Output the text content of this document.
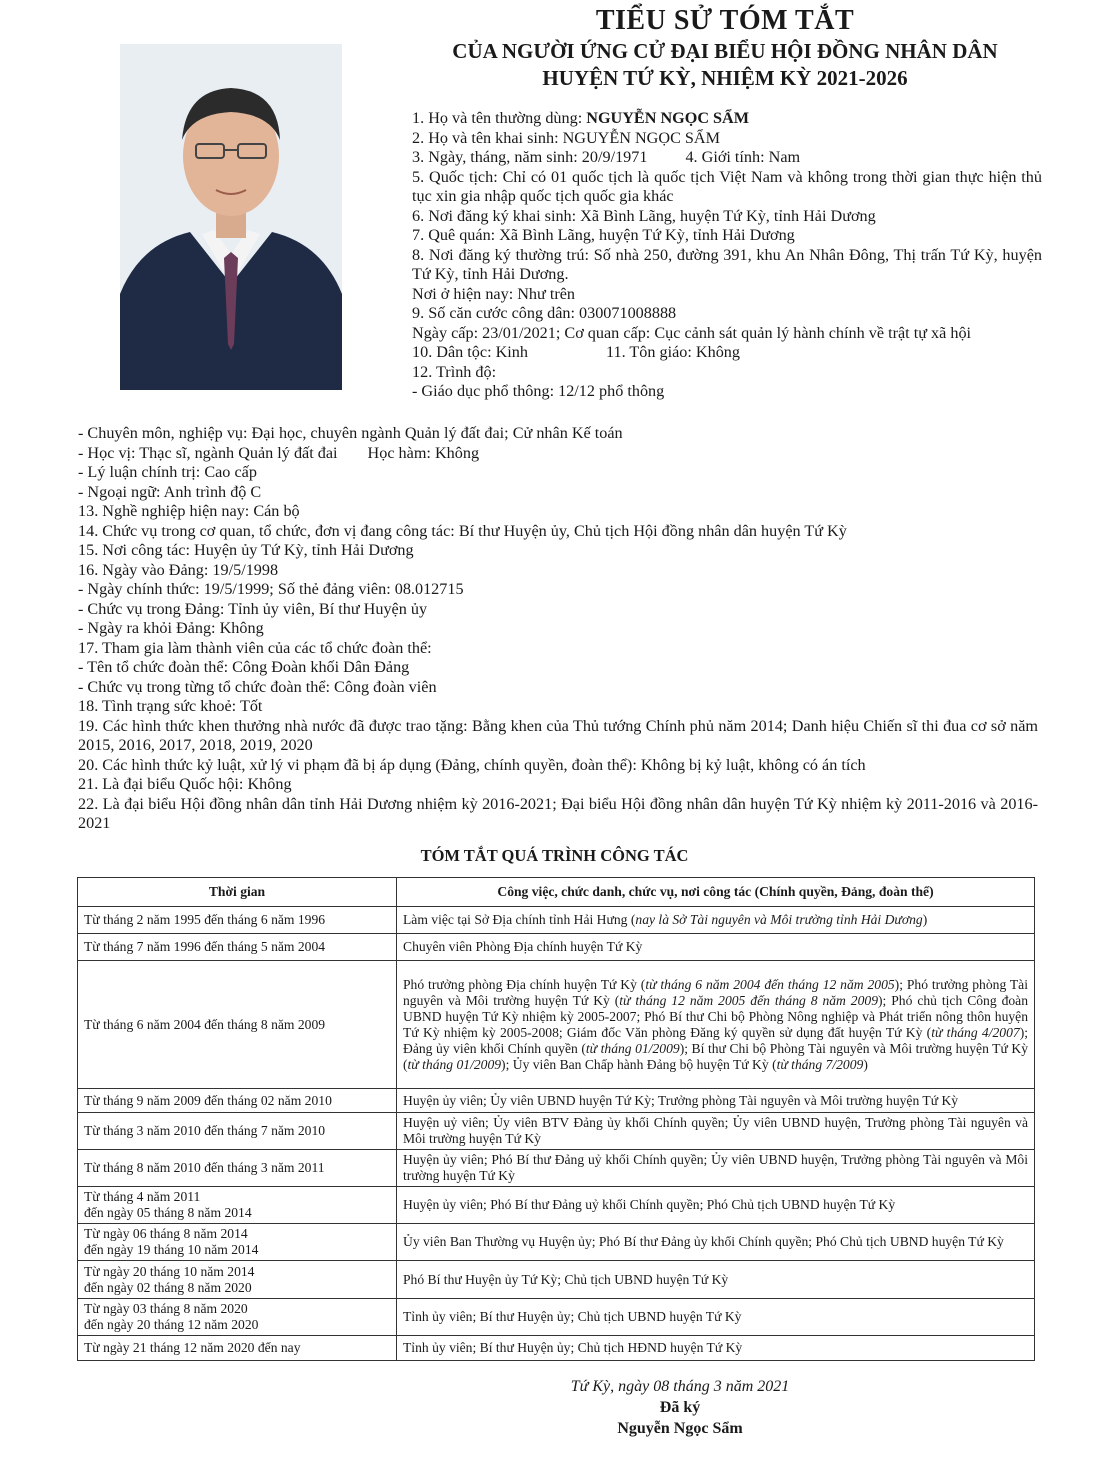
TIỂU SỬ TÓM TẮT
CỦA NGƯỜI ỨNG CỬ ĐẠI BIỂU HỘI ĐỒNG NHÂN DÂN
HUYỆN TỨ KỲ, NHIỆM KỲ 2021-2026
1. Họ và tên thường dùng: NGUYỄN NGỌC SẨM
2. Họ và tên khai sinh: NGUYỄN NGỌC SẨM
3. Ngày, tháng, năm sinh: 20/9/1971 4. Giới tính: Nam
5. Quốc tịch: Chỉ có 01 quốc tịch là quốc tịch Việt Nam và không trong thời gian thực hiện thủ tục xin gia nhập quốc tịch quốc gia khác
6. Nơi đăng ký khai sinh: Xã Bình Lãng, huyện Tứ Kỳ, tỉnh Hải Dương
7. Quê quán: Xã Bình Lãng, huyện Tứ Kỳ, tỉnh Hải Dương
8. Nơi đăng ký thường trú: Số nhà 250, đường 391, khu An Nhân Đông, Thị trấn Tứ Kỳ, huyện Tứ Kỳ, tỉnh Hải Dương.
Nơi ở hiện nay: Như trên
9. Số căn cước công dân: 030071008888
Ngày cấp: 23/01/2021; Cơ quan cấp: Cục cảnh sát quản lý hành chính về trật tự xã hội
10. Dân tộc: Kinh	11. Tôn giáo: Không
12. Trình độ:
- Giáo dục phổ thông: 12/12 phổ thông
- Chuyên môn, nghiệp vụ: Đại học, chuyên ngành Quản lý đất đai; Cử nhân Kế toán
- Học vị: Thạc sĩ, ngành Quản lý đất đai Học hàm: Không
- Lý luận chính trị: Cao cấp
- Ngoại ngữ: Anh trình độ C
13. Nghề nghiệp hiện nay: Cán bộ
14. Chức vụ trong cơ quan, tổ chức, đơn vị đang công tác: Bí thư Huyện ủy, Chủ tịch Hội đồng nhân dân huyện Tứ Kỳ
15. Nơi công tác: Huyện ủy Tứ Kỳ, tỉnh Hải Dương
16. Ngày vào Đảng: 19/5/1998
- Ngày chính thức: 19/5/1999; Số thẻ đảng viên: 08.012715
- Chức vụ trong Đảng: Tỉnh ủy viên, Bí thư Huyện ủy
- Ngày ra khỏi Đảng: Không
17. Tham gia làm thành viên của các tổ chức đoàn thể:
- Tên tổ chức đoàn thể: Công Đoàn khối Dân Đảng
- Chức vụ trong từng tổ chức đoàn thể: Công đoàn viên
18. Tình trạng sức khoẻ: Tốt
19. Các hình thức khen thưởng nhà nước đã được trao tặng: Bằng khen của Thủ tướng Chính phủ năm 2014; Danh hiệu Chiến sĩ thi đua cơ sở năm 2015, 2016, 2017, 2018, 2019, 2020
20. Các hình thức kỷ luật, xử lý vi phạm đã bị áp dụng (Đảng, chính quyền, đoàn thể): Không bị kỷ luật, không có án tích
21. Là đại biểu Quốc hội: Không
22. Là đại biểu Hội đồng nhân dân tỉnh Hải Dương nhiệm kỳ 2016-2021; Đại biểu Hội đồng nhân dân huyện Tứ Kỳ nhiệm kỳ 2011-2016 và 2016-2021
TÓM TẮT QUÁ TRÌNH CÔNG TÁC
Thời gian	Công việc, chức danh, chức vụ, nơi công tác (Chính quyền, Đảng, đoàn thể)
Từ tháng 2 năm 1995 đến tháng 6 năm 1996	Làm việc tại Sở Địa chính tỉnh Hải Hưng (nay là Sở Tài nguyên và Môi trường tỉnh Hải Dương)
Từ tháng 7 năm 1996 đến tháng 5 năm 2004	Chuyên viên Phòng Địa chính huyện Tứ Kỳ
Từ tháng 6 năm 2004 đến tháng 8 năm 2009	Phó trưởng phòng Địa chính huyện Tứ Kỳ (từ tháng 6 năm 2004 đến tháng 12 năm 2005); Phó trưởng phòng Tài nguyên và Môi trường huyện Tứ Kỳ (từ tháng 12 năm 2005 đến tháng 8 năm 2009); Phó chủ tịch Công đoàn UBND huyện Tứ Kỳ nhiệm kỳ 2005-2007; Phó Bí thư Chi bộ Phòng Nông nghiệp và Phát triển nông thôn huyện Tứ Kỳ nhiệm kỳ 2005-2008; Giám đốc Văn phòng Đăng ký quyền sử dụng đất huyện Tứ Kỳ (từ tháng 4/2007); Đảng ủy viên khối Chính quyền (từ tháng 01/2009); Bí thư Chi bộ Phòng Tài nguyên và Môi trường huyện Tứ Kỳ (từ tháng 01/2009); Ủy viên Ban Chấp hành Đảng bộ huyện Tứ Kỳ (từ tháng 7/2009)
Từ tháng 9 năm 2009 đến tháng 02 năm 2010	Huyện ủy viên; Ủy viên UBND huyện Tứ Kỳ; Trưởng phòng Tài nguyên và Môi trường huyện Tứ Kỳ
Từ tháng 3 năm 2010 đến tháng 7 năm 2010	Huyện uỷ viên; Ủy viên BTV Đảng ủy khối Chính quyền; Ủy viên UBND huyện, Trưởng phòng Tài nguyên và Môi trường huyện Tứ Kỳ
Từ tháng 8 năm 2010 đến tháng 3 năm 2011	Huyện ủy viên; Phó Bí thư Đảng uỷ khối Chính quyền; Ủy viên UBND huyện, Trưởng phòng Tài nguyên và Môi trường huyện Tứ Kỳ

Từ tháng 4 năm 2011
đến ngày 05 tháng 8 năm 2014	Huyện ủy viên; Phó Bí thư Đảng uỷ khối Chính quyền; Phó Chủ tịch UBND huyện Tứ Kỳ

Từ ngày 06 tháng 8 năm 2014
đến ngày 19 tháng 10 năm 2014	Ủy viên Ban Thường vụ Huyện ủy; Phó Bí thư Đảng ủy khối Chính quyền; Phó Chủ tịch UBND huyện Tứ Kỳ

Từ ngày 20 tháng 10 năm 2014
đến ngày 02 tháng 8 năm 2020	Phó Bí thư Huyện ủy Tứ Kỳ; Chủ tịch UBND huyện Tứ Kỳ

Từ ngày 03 tháng 8 năm 2020
đến ngày 20 tháng 12 năm 2020	Tỉnh ủy viên; Bí thư Huyện ủy; Chủ tịch UBND huyện Tứ Kỳ
Từ ngày 21 tháng 12 năm 2020 đến nay	Tỉnh ủy viên; Bí thư Huyện ủy; Chủ tịch HĐND huyện Tứ Kỳ
Tứ Kỳ, ngày 08 tháng 3 năm 2021
Đã ký
Nguyễn Ngọc Sẩm
